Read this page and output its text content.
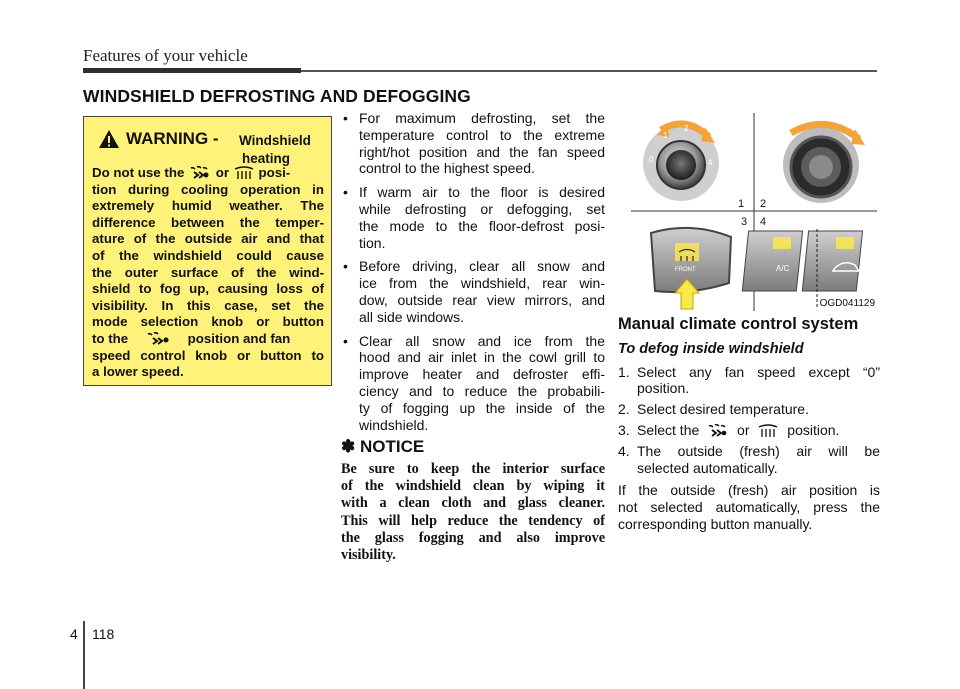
Features of your vehicle
WINDSHIELD DEFROSTING AND DEFOGGING
WARNING - Windshield
heating
Do not use the or posi-
tion during cooling operation in
extremely humid weather. The
difference between the temper-
ature of the outside air and that
of the windshield could cause
the outer surface of the wind-
shield to fog up, causing loss of
visibility. In this case, set the
mode selection knob or button
to the	position and fan
speed control knob or button to
a lower speed.
• For maximum defrosting, set the
temperature control to the extreme
right/hot position and the fan speed
control to the highest speed.
• If warm air to the floor is desired
while defrosting or defogging, set
the mode to the floor-defrost posi-
tion.
• Before driving, clear all snow and
ice from the windshield, rear win-
dow, outside rear view mirrors, and
all side windows.
• Clear all snow and ice from the
hood and air inlet in the cowl grill to
improve heater and defroster effi-
ciency and to reduce the probabili-
ty of fogging up the inside of the
windshield.
✽ NOTICE
Be sure to keep the interior surface
of the windshield clean by wiping it
with a clean cloth and glass cleaner.
This will help reduce the tendency of
the glass fogging and also improve
visibility.
1
2
0	4
1 2
3
FRONT
4
A/C
OGD041129
Manual climate control system
To defog inside windshield
1. Select any fan speed except “0”
position.
2. Select desired temperature.
3. Select the	or	position.
4. The outside (fresh) air will be
selected automatically.
If the outside (fresh) air position is
not selected automatically, press the
corresponding button manually.
4 118
